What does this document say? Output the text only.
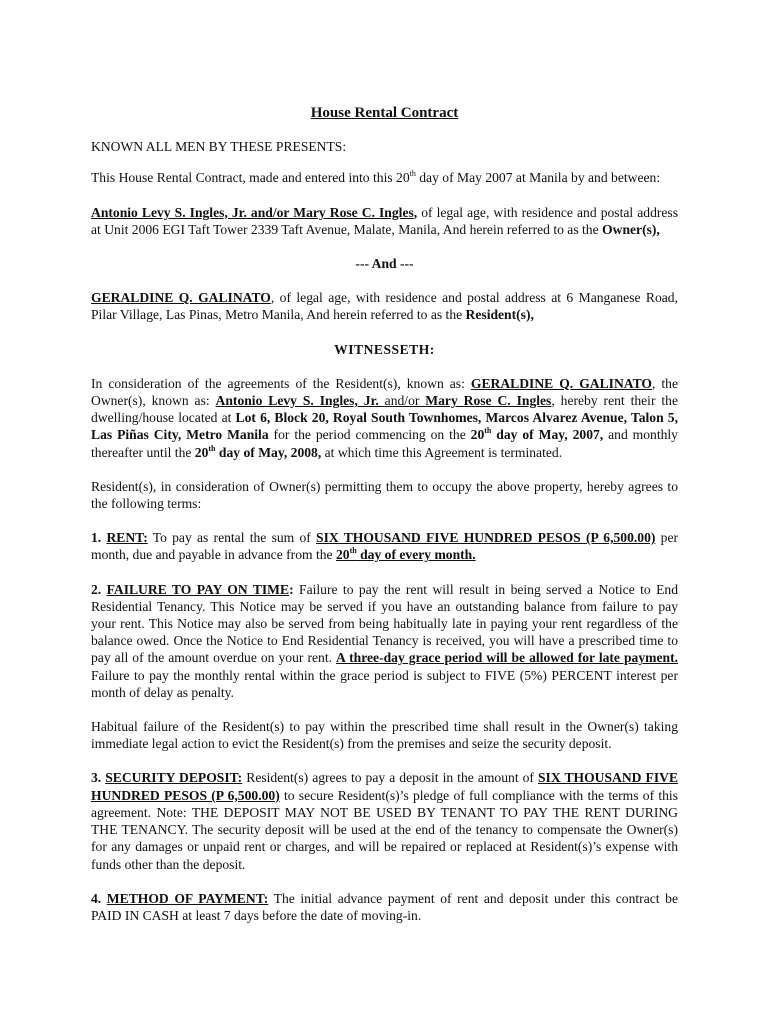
House Rental Contract

KNOWN ALL MEN BY THESE PRESENTS:

This House Rental Contract, made and entered into this 20th day of May 2007 at Manila by and between:

Antonio Levy S. Ingles, Jr. and/or Mary Rose C. Ingles, of legal age, with residence and postal address at Unit 2006 EGI Taft Tower 2339 Taft Avenue, Malate, Manila, And herein referred to as the Owner(s),

--- And ---

GERALDINE Q. GALINATO, of legal age, with residence and postal address at 6 Manganese Road, Pilar Village, Las Pinas, Metro Manila, And herein referred to as the Resident(s),

WITNESSETH:

In consideration of the agreements of the Resident(s), known as: GERALDINE Q. GALINATO, the Owner(s), known as: Antonio Levy S. Ingles, Jr. and/or Mary Rose C. Ingles, hereby rent their the dwelling/house located at Lot 6, Block 20, Royal South Townhomes, Marcos Alvarez Avenue, Talon 5, Las Piñas City, Metro Manila for the period commencing on the 20th day of May, 2007, and monthly thereafter until the 20th day of May, 2008, at which time this Agreement is terminated.

Resident(s), in consideration of Owner(s) permitting them to occupy the above property, hereby agrees to the following terms:

1. RENT: To pay as rental the sum of SIX THOUSAND FIVE HUNDRED PESOS (P 6,500.00) per month, due and payable in advance from the 20th day of every month.

2. FAILURE TO PAY ON TIME: Failure to pay the rent will result in being served a Notice to End Residential Tenancy. This Notice may be served if you have an outstanding balance from failure to pay your rent. This Notice may also be served from being habitually late in paying your rent regardless of the balance owed. Once the Notice to End Residential Tenancy is received, you will have a prescribed time to pay all of the amount overdue on your rent. A three-day grace period will be allowed for late payment. Failure to pay the monthly rental within the grace period is subject to FIVE (5%) PERCENT interest per month of delay as penalty.

Habitual failure of the Resident(s) to pay within the prescribed time shall result in the Owner(s) taking immediate legal action to evict the Resident(s) from the premises and seize the security deposit.

3. SECURITY DEPOSIT: Resident(s) agrees to pay a deposit in the amount of SIX THOUSAND FIVE HUNDRED PESOS (P 6,500.00) to secure Resident(s)’s pledge of full compliance with the terms of this agreement. Note: THE DEPOSIT MAY NOT BE USED BY TENANT TO PAY THE RENT DURING THE TENANCY. The security deposit will be used at the end of the tenancy to compensate the Owner(s) for any damages or unpaid rent or charges, and will be repaired or replaced at Resident(s)’s expense with funds other than the deposit.

4. METHOD OF PAYMENT: The initial advance payment of rent and deposit under this contract be PAID IN CASH at least 7 days before the date of moving-in.
